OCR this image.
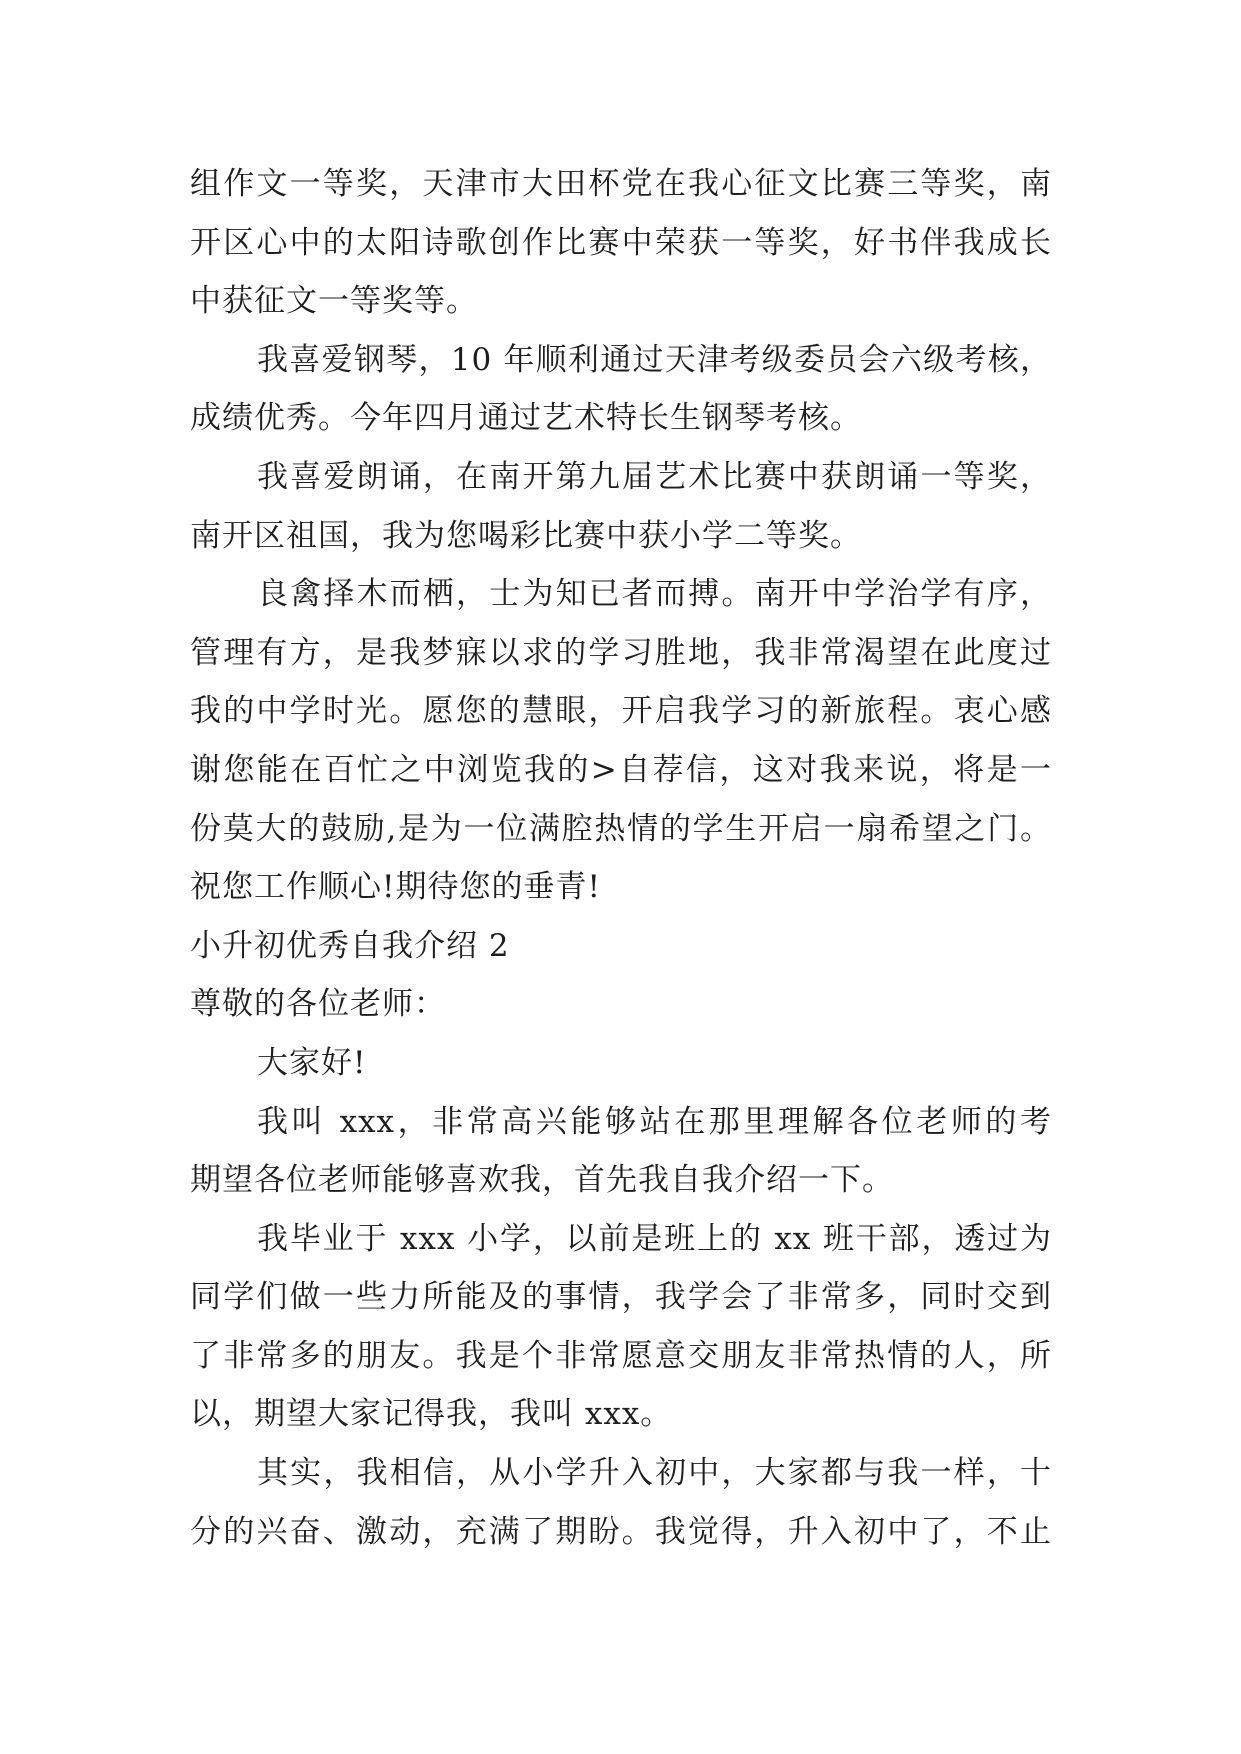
组作文一等奖，天津市大田杯党在我心征文比赛三等奖，南
开区心中的太阳诗歌创作比赛中荣获一等奖，好书伴我成长
中获征文一等奖等。
我喜爱钢琴，10 年顺利通过天津考级委员会六级考核，
成绩优秀。今年四月通过艺术特长生钢琴考核。
我喜爱朗诵，在南开第九届艺术比赛中获朗诵一等奖，
南开区祖国，我为您喝彩比赛中获小学二等奖。
良禽择木而栖，士为知已者而搏。南开中学治学有序，
管理有方，是我梦寐以求的学习胜地，我非常渴望在此度过
我的中学时光。愿您的慧眼，开启我学习的新旅程。衷心感
谢您能在百忙之中浏览我的>自荐信，这对我来说，将是一
份莫大的鼓励,是为一位满腔热情的学生开启一扇希望之门。
祝您工作顺心!期待您的垂青!
小升初优秀自我介绍 2
尊敬的各位老师：
大家好!
我叫 xxx，非常高兴能够站在那里理解各位老师的考
期望各位老师能够喜欢我，首先我自我介绍一下。
我毕业于 xxx 小学，以前是班上的 xx 班干部，透过为
同学们做一些力所能及的事情，我学会了非常多，同时交到
了非常多的朋友。我是个非常愿意交朋友非常热情的人，所
以，期望大家记得我，我叫 xxx。
其实，我相信，从小学升入初中，大家都与我一样，十
分的兴奋、激动，充满了期盼。我觉得，升入初中了，不止
